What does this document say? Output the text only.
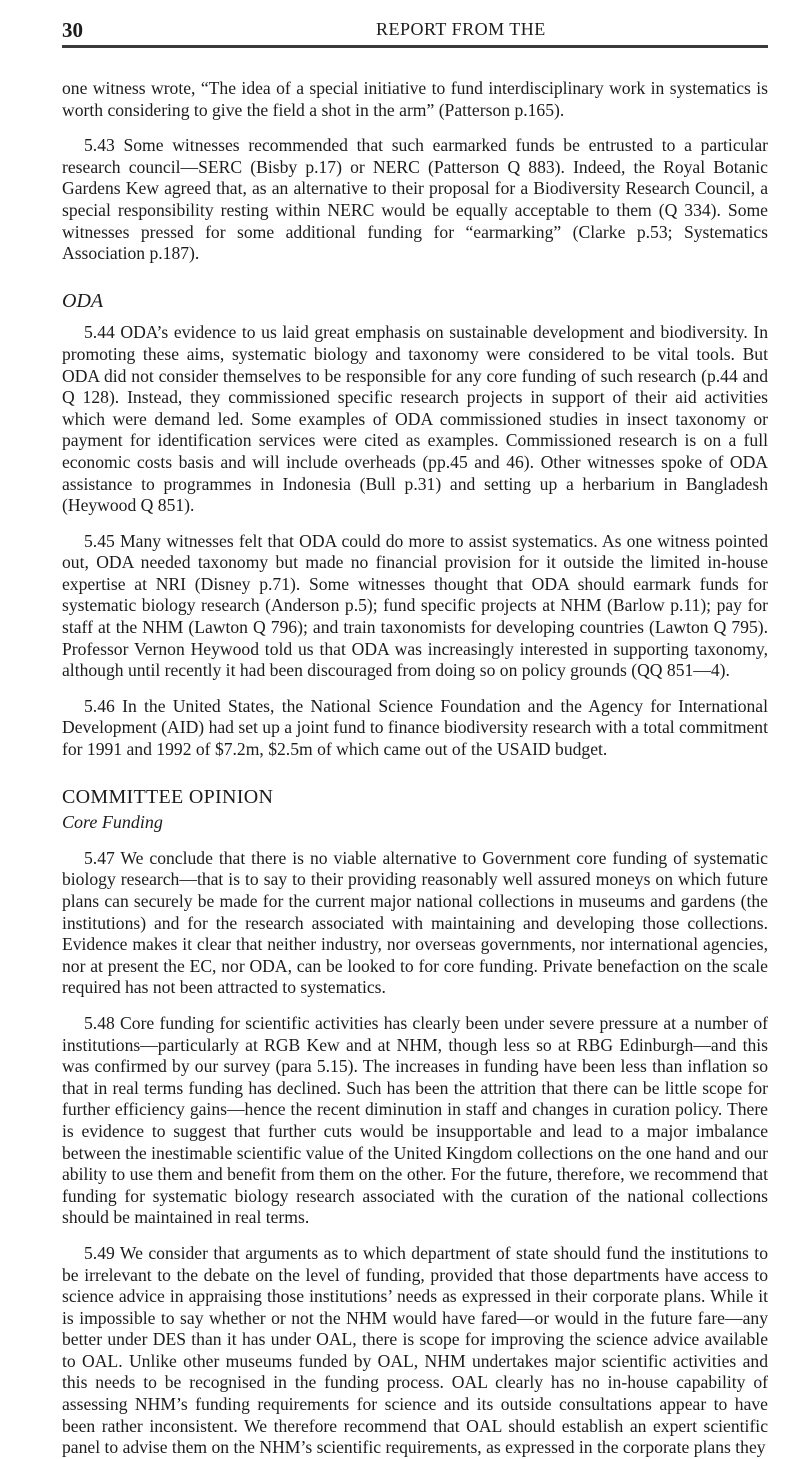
30	REPORT FROM THE

one witness wrote, “The idea of a special initiative to fund interdisciplinary work in systematics is worth considering to give the field a shot in the arm” (Patterson p.165).

5.43 Some witnesses recommended that such earmarked funds be entrusted to a particular research council—SERC (Bisby p.17) or NERC (Patterson Q 883). Indeed, the Royal Botanic Gardens Kew agreed that, as an alternative to their proposal for a Biodiversity Research Council, a special responsibility resting within NERC would be equally acceptable to them (Q 334). Some witnesses pressed for some additional funding for “earmarking” (Clarke p.53; Systematics Association p.187).

ODA

5.44 ODA’s evidence to us laid great emphasis on sustainable development and biodiversity. In promoting these aims, systematic biology and taxonomy were considered to be vital tools. But ODA did not consider themselves to be responsible for any core funding of such research (p.44 and Q 128). Instead, they commissioned specific research projects in support of their aid activities which were demand led. Some examples of ODA commissioned studies in insect taxonomy or payment for identification services were cited as examples. Commissioned research is on a full economic costs basis and will include overheads (pp.45 and 46). Other witnesses spoke of ODA assistance to programmes in Indonesia (Bull p.31) and setting up a herbarium in Bangladesh (Heywood Q 851).

5.45 Many witnesses felt that ODA could do more to assist systematics. As one witness pointed out, ODA needed taxonomy but made no financial provision for it outside the limited in-house expertise at NRI (Disney p.71). Some witnesses thought that ODA should earmark funds for systematic biology research (Anderson p.5); fund specific projects at NHM (Barlow p.11); pay for staff at the NHM (Lawton Q 796); and train taxonomists for developing countries (Lawton Q 795). Professor Vernon Heywood told us that ODA was increasingly interested in supporting taxonomy, although until recently it had been discouraged from doing so on policy grounds (QQ 851—4).

5.46 In the United States, the National Science Foundation and the Agency for International Development (AID) had set up a joint fund to finance biodiversity research with a total commitment for 1991 and 1992 of $7.2m, $2.5m of which came out of the USAID budget.

COMMITTEE OPINION

Core Funding

5.47 We conclude that there is no viable alternative to Government core funding of systematic biology research—that is to say to their providing reasonably well assured moneys on which future plans can securely be made for the current major national collections in museums and gardens (the institutions) and for the research associated with maintaining and developing those collections. Evidence makes it clear that neither industry, nor overseas governments, nor international agencies, nor at present the EC, nor ODA, can be looked to for core funding. Private benefaction on the scale required has not been attracted to systematics.

5.48 Core funding for scientific activities has clearly been under severe pressure at a number of institutions—particularly at RGB Kew and at NHM, though less so at RBG Edinburgh—and this was confirmed by our survey (para 5.15). The increases in funding have been less than inflation so that in real terms funding has declined. Such has been the attrition that there can be little scope for further efficiency gains—hence the recent diminution in staff and changes in curation policy. There is evidence to suggest that further cuts would be insupportable and lead to a major imbalance between the inestimable scientific value of the United Kingdom collections on the one hand and our ability to use them and benefit from them on the other. For the future, therefore, we recommend that funding for systematic biology research associated with the curation of the national collections should be maintained in real terms.

5.49 We consider that arguments as to which department of state should fund the institutions to be irrelevant to the debate on the level of funding, provided that those departments have access to science advice in appraising those institutions’ needs as expressed in their corporate plans. While it is impossible to say whether or not the NHM would have fared—or would in the future fare—any better under DES than it has under OAL, there is scope for improving the science advice available to OAL. Unlike other museums funded by OAL, NHM undertakes major scientific activities and this needs to be recognised in the funding process. OAL clearly has no in-house capability of assessing NHM’s funding requirements for science and its outside consultations appear to have been rather inconsistent. We therefore recommend that OAL should establish an expert scientific panel to advise them on the NHM’s scientific requirements, as expressed in the corporate plans they
